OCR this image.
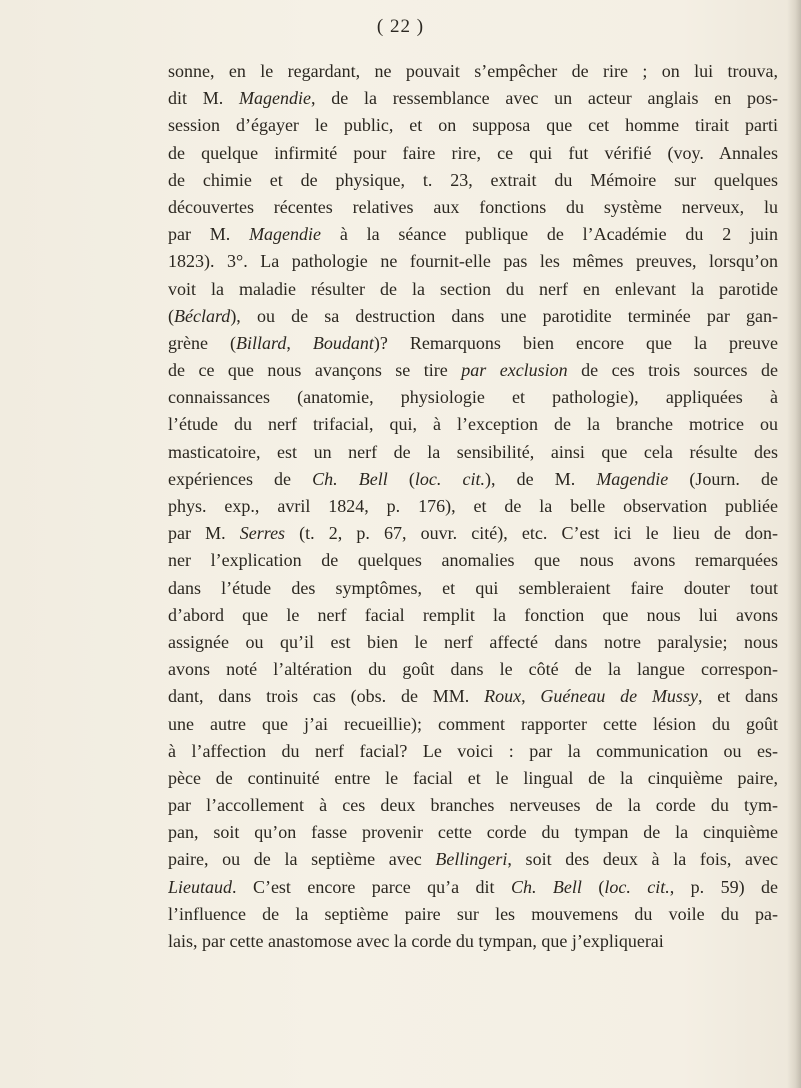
( 22 )
sonne, en le regardant, ne pouvait s’empêcher de rire ; on lui trouva,
dit M. Magendie, de la ressemblance avec un acteur anglais en pos-
session d’égayer le public, et on supposa que cet homme tirait parti
de quelque infirmité pour faire rire, ce qui fut vérifié (voy. Annales
de chimie et de physique, t. 23, extrait du Mémoire sur quelques
découvertes récentes relatives aux fonctions du système nerveux, lu
par M. Magendie à la séance publique de l’Académie du 2 juin
1823). 3°. La pathologie ne fournit-elle pas les mêmes preuves, lorsqu’on
voit la maladie résulter de la section du nerf en enlevant la parotide
(Béclard), ou de sa destruction dans une parotidite terminée par gan-
grène (Billard, Boudant)? Remarquons bien encore que la preuve
de ce que nous avançons se tire par exclusion de ces trois sources de
connaissances (anatomie, physiologie et pathologie), appliquées à
l’étude du nerf trifacial, qui, à l’exception de la branche motrice ou
masticatoire, est un nerf de la sensibilité, ainsi que cela résulte des
expériences de Ch. Bell (loc. cit.), de M. Magendie (Journ. de
phys. exp., avril 1824, p. 176), et de la belle observation publiée
par M. Serres (t. 2, p. 67, ouvr. cité), etc. C’est ici le lieu de don-
ner l’explication de quelques anomalies que nous avons remarquées
dans l’étude des symptômes, et qui sembleraient faire douter tout
d’abord que le nerf facial remplit la fonction que nous lui avons
assignée ou qu’il est bien le nerf affecté dans notre paralysie; nous
avons noté l’altération du goût dans le côté de la langue correspon-
dant, dans trois cas (obs. de MM. Roux, Guéneau de Mussy, et dans
une autre que j’ai recueillie); comment rapporter cette lésion du goût
à l’affection du nerf facial? Le voici : par la communication ou es-
pèce de continuité entre le facial et le lingual de la cinquième paire,
par l’accollement à ces deux branches nerveuses de la corde du tym-
pan, soit qu’on fasse provenir cette corde du tympan de la cinquième
paire, ou de la septième avec Bellingeri, soit des deux à la fois, avec
Lieutaud. C’est encore parce qu’a dit Ch. Bell (loc. cit., p. 59) de
l’influence de la septième paire sur les mouvemens du voile du pa-
lais, par cette anastomose avec la corde du tympan, que j’expliquerai
